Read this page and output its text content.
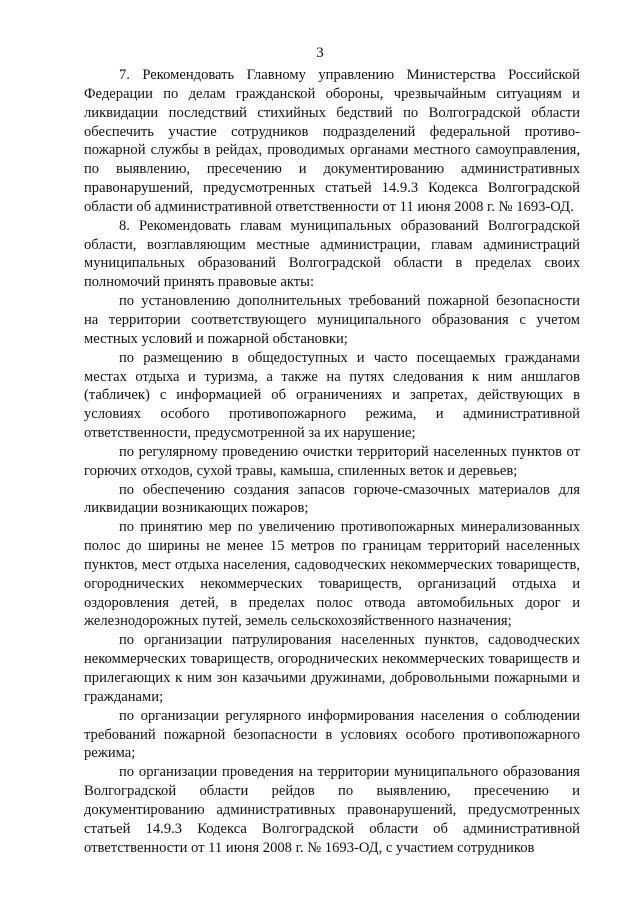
3

7. Рекомендовать Главному управлению Министерства Российской Федерации по делам гражданской обороны, чрезвычайным ситуациям и ликвидации последствий стихийных бедствий по Волгоградской области обеспечить участие сотрудников подразделений федеральной противо-пожарной службы в рейдах, проводимых органами местного самоуправления, по выявлению, пресечению и документированию административных правонарушений, предусмотренных статьей 14.9.3 Кодекса Волгоградской области об административной ответственности от 11 июня 2008 г. № 1693-ОД.

8. Рекомендовать главам муниципальных образований Волгоградской области, возглавляющим местные администрации, главам администраций муниципальных образований Волгоградской области в пределах своих полномочий принять правовые акты:

по установлению дополнительных требований пожарной безопасности на территории соответствующего муниципального образования с учетом местных условий и пожарной обстановки;

по размещению в общедоступных и часто посещаемых гражданами местах отдыха и туризма, а также на путях следования к ним аншлагов (табличек) с информацией об ограничениях и запретах, действующих в условиях особого противопожарного режима, и административной ответственности, предусмотренной за их нарушение;

по регулярному проведению очистки территорий населенных пунктов от горючих отходов, сухой травы, камыша, спиленных веток и деревьев;

по обеспечению создания запасов горюче-смазочных материалов для ликвидации возникающих пожаров;

по принятию мер по увеличению противопожарных минерализованных полос до ширины не менее 15 метров по границам территорий населенных пунктов, мест отдыха населения, садоводческих некоммерческих товариществ, огороднических некоммерческих товариществ, организаций отдыха и оздоровления детей, в пределах полос отвода автомобильных дорог и железнодорожных путей, земель сельскохозяйственного назначения;

по организации патрулирования населенных пунктов, садоводческих некоммерческих товариществ, огороднических некоммерческих товариществ и прилегающих к ним зон казачьими дружинами, добровольными пожарными и гражданами;

по организации регулярного информирования населения о соблюдении требований пожарной безопасности в условиях особого противопожарного режима;

по организации проведения на территории муниципального образования Волгоградской области рейдов по выявлению, пресечению и документированию административных правонарушений, предусмотренных статьей 14.9.3 Кодекса Волгоградской области об административной ответственности от 11 июня 2008 г. № 1693-ОД, с участием сотрудников
